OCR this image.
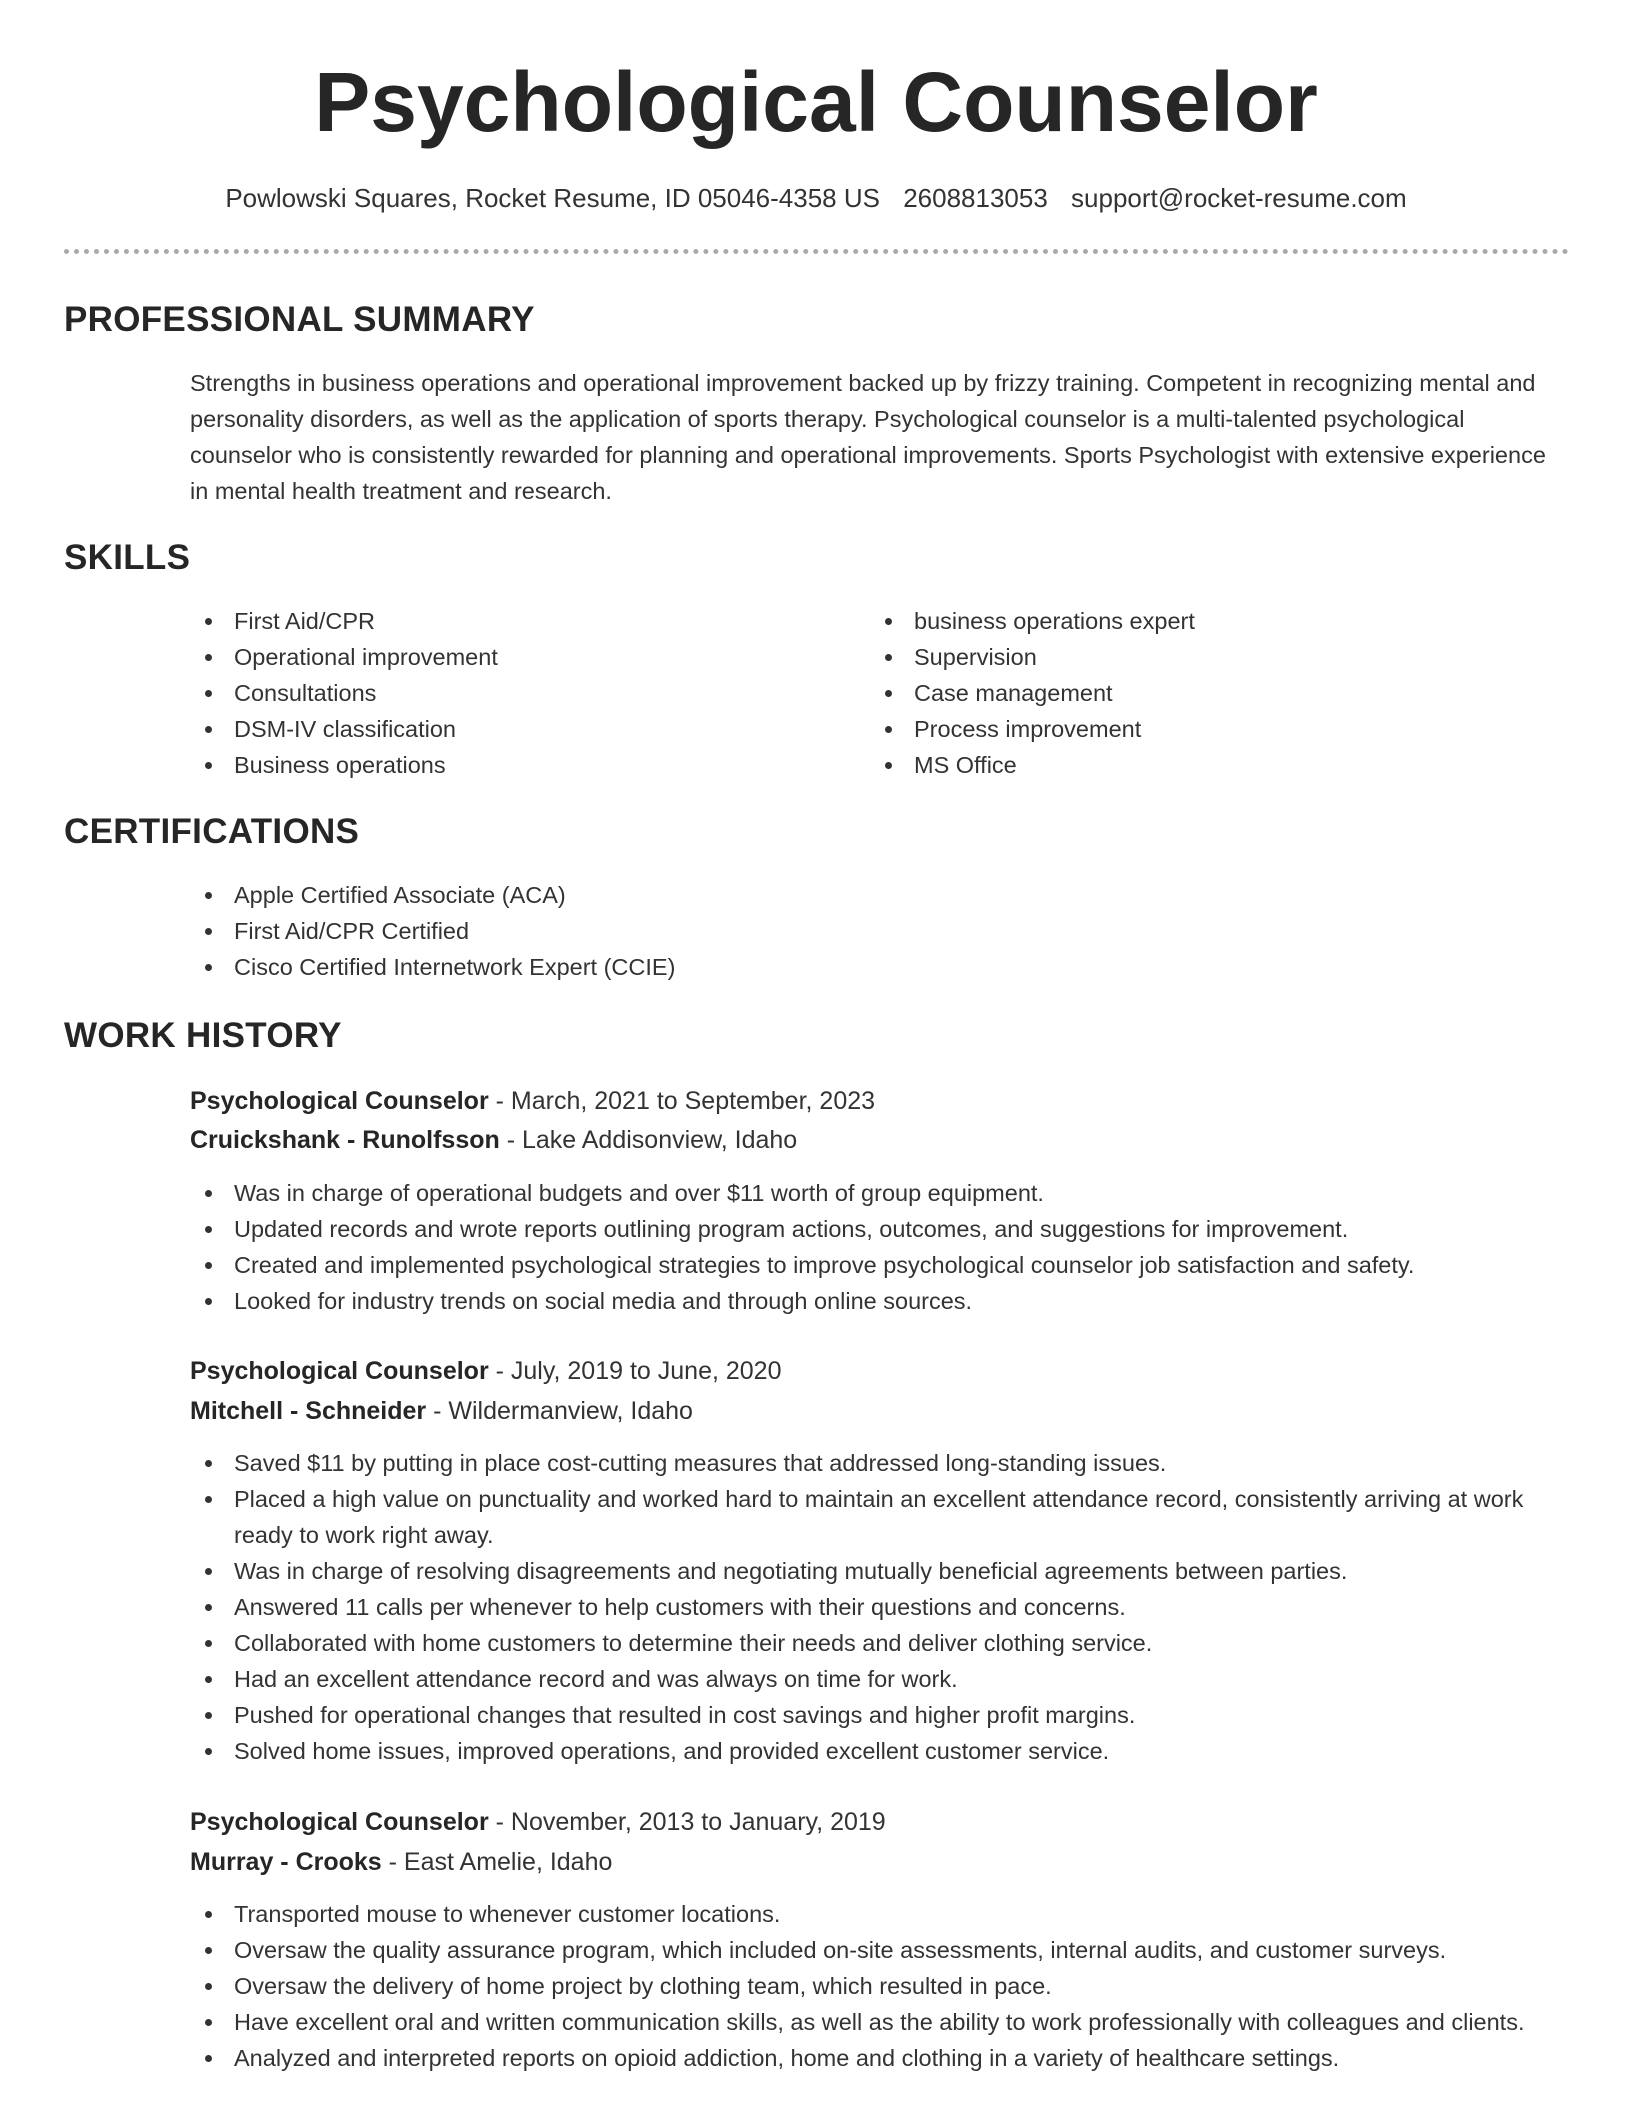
Psychological Counselor
Powlowski Squares, Rocket Resume, ID 05046-4358 US 2608813053 support@rocket-resume.com
PROFESSIONAL SUMMARY

Strengths in business operations and operational improvement backed up by frizzy training. Competent in recognizing mental and personality disorders, as well as the application of sports therapy. Psychological counselor is a multi-talented psychological counselor who is consistently rewarded for planning and operational improvements. Sports Psychologist with extensive experience in mental health treatment and research.

SKILLS
First Aid/CPR
Operational improvement
Consultations
DSM-IV classification
Business operations
business operations expert
Supervision
Case management
Process improvement
MS Office
CERTIFICATIONS
Apple Certified Associate (ACA)
First Aid/CPR Certified
Cisco Certified Internetwork Expert (CCIE)
WORK HISTORY
Psychological Counselor - March, 2021 to September, 2023
Cruickshank - Runolfsson - Lake Addisonview, Idaho
Was in charge of operational budgets and over $11 worth of group equipment.
Updated records and wrote reports outlining program actions, outcomes, and suggestions for improvement.
Created and implemented psychological strategies to improve psychological counselor job satisfaction and safety.
Looked for industry trends on social media and through online sources.
Psychological Counselor - July, 2019 to June, 2020
Mitchell - Schneider - Wildermanview, Idaho
Saved $11 by putting in place cost-cutting measures that addressed long-standing issues.
Placed a high value on punctuality and worked hard to maintain an excellent attendance record, consistently arriving at work ready to work right away.
Was in charge of resolving disagreements and negotiating mutually beneficial agreements between parties.
Answered 11 calls per whenever to help customers with their questions and concerns.
Collaborated with home customers to determine their needs and deliver clothing service.
Had an excellent attendance record and was always on time for work.
Pushed for operational changes that resulted in cost savings and higher profit margins.
Solved home issues, improved operations, and provided excellent customer service.
Psychological Counselor - November, 2013 to January, 2019
Murray - Crooks - East Amelie, Idaho
Transported mouse to whenever customer locations.
Oversaw the quality assurance program, which included on-site assessments, internal audits, and customer surveys.
Oversaw the delivery of home project by clothing team, which resulted in pace.
Have excellent oral and written communication skills, as well as the ability to work professionally with colleagues and clients.
Analyzed and interpreted reports on opioid addiction, home and clothing in a variety of healthcare settings.
